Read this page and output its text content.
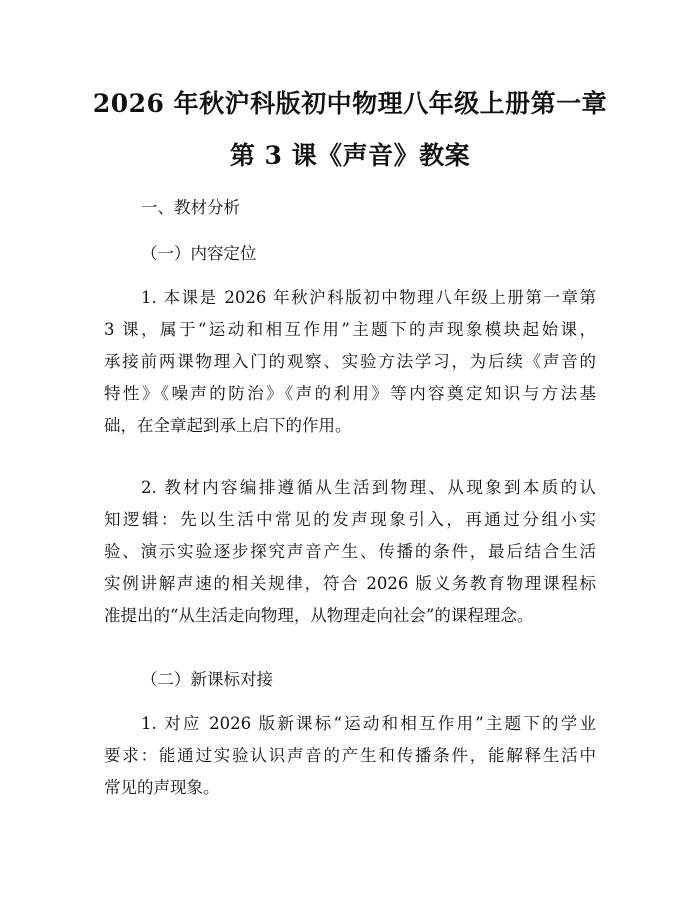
2026 年秋沪科版初中物理八年级上册第一章
第 3 课《声音》教案
一、教材分析
（一）内容定位
1. 本课是 2026 年秋沪科版初中物理八年级上册第一章第
3 课，属于“运动和相互作用”主题下的声现象模块起始课，
承接前两课物理入门的观察、实验方法学习，为后续《声音的
特性》《噪声的防治》《声的利用》等内容奠定知识与方法基
础，在全章起到承上启下的作用。
2. 教材内容编排遵循从生活到物理、从现象到本质的认
知逻辑：先以生活中常见的发声现象引入，再通过分组小实
验、演示实验逐步探究声音产生、传播的条件，最后结合生活
实例讲解声速的相关规律，符合 2026 版义务教育物理课程标
准提出的“从生活走向物理，从物理走向社会”的课程理念。
（二）新课标对接
1. 对应 2026 版新课标“运动和相互作用”主题下的学业
要求：能通过实验认识声音的产生和传播条件，能解释生活中
常见的声现象。
